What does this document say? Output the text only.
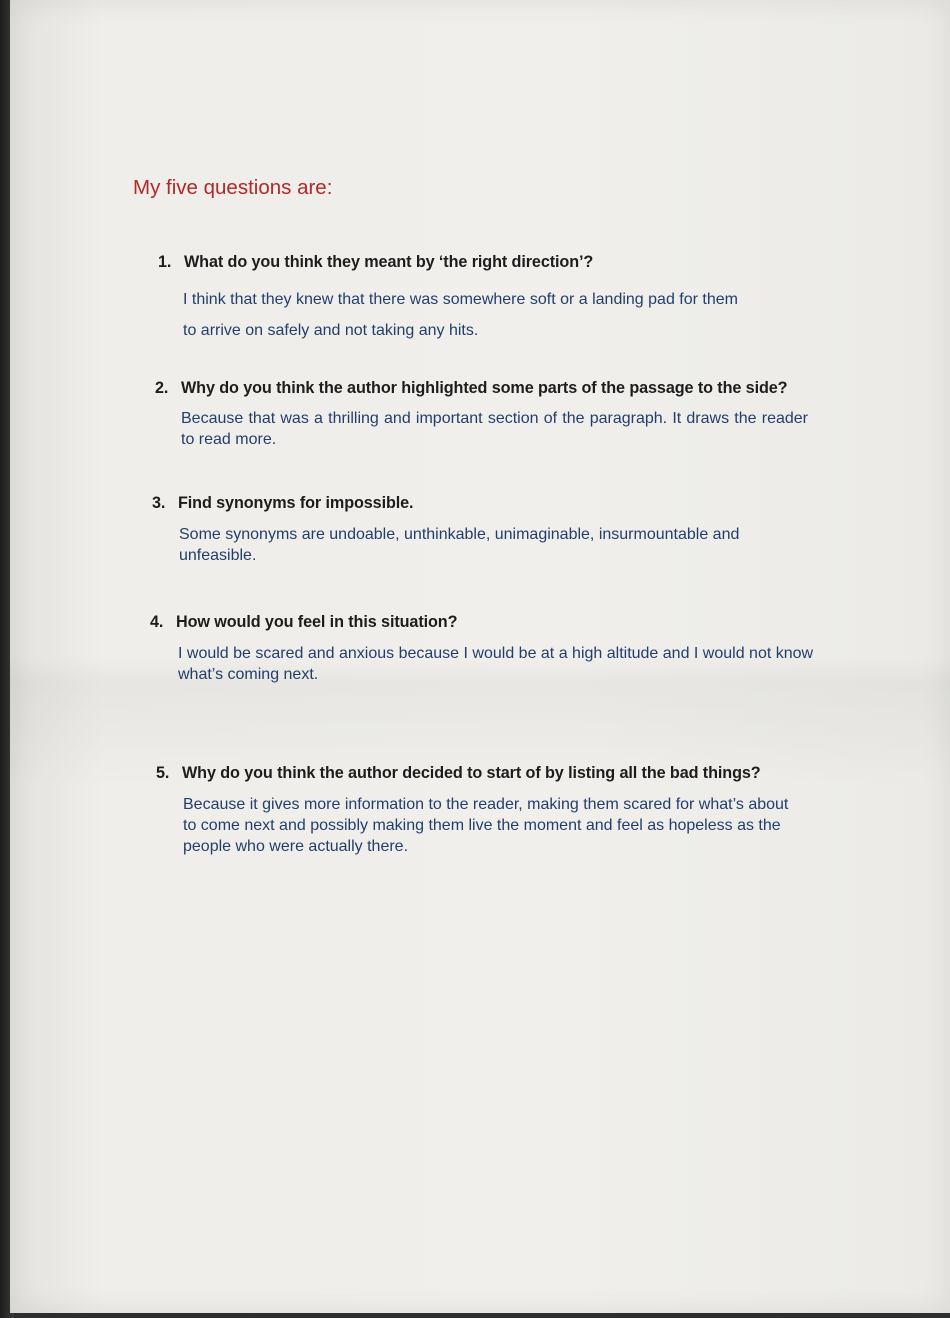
My five questions are:
1. What do you think they meant by ‘the right direction’?
I think that they knew that there was somewhere soft or a landing pad for them to arrive on safely and not taking any hits.
2. Why do you think the author highlighted some parts of the passage to the side?
Because that was a thrilling and important section of the paragraph. It draws the reader to read more.
3. Find synonyms for impossible.
Some synonyms are undoable, unthinkable, unimaginable, insurmountable and unfeasible.
4. How would you feel in this situation?
I would be scared and anxious because I would be at a high altitude and I would not know what’s coming next.
5. Why do you think the author decided to start of by listing all the bad things?
Because it gives more information to the reader, making them scared for what’s about to come next and possibly making them live the moment and feel as hopeless as the people who were actually there.
